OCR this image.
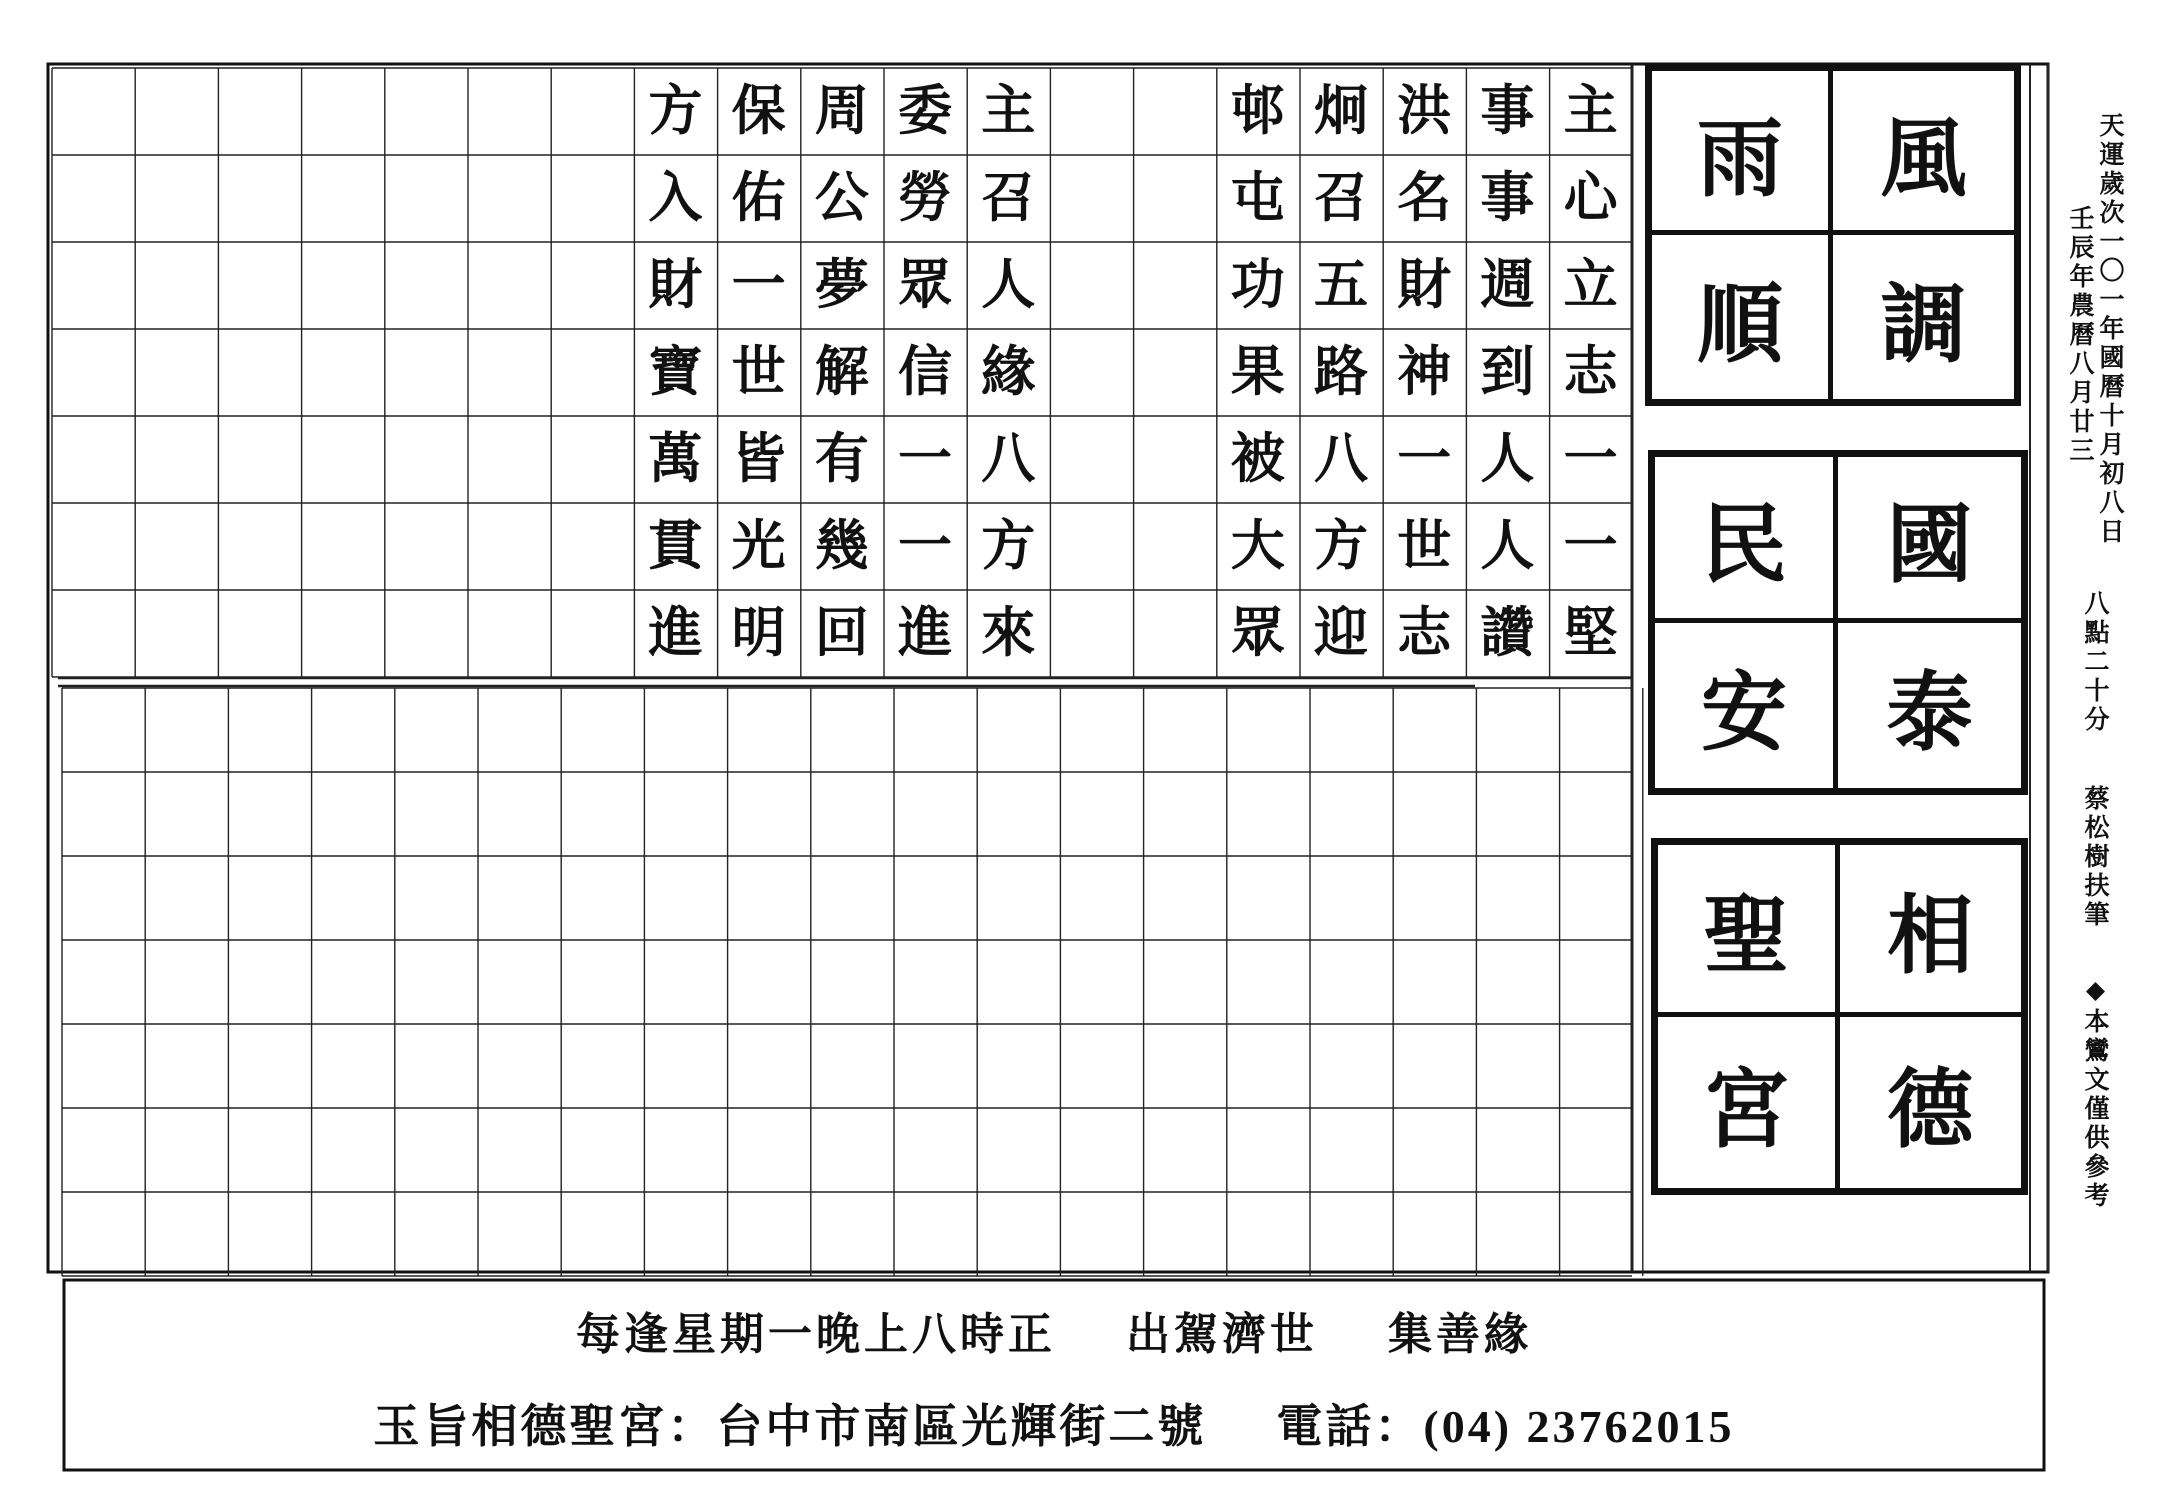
主
心
立
志
一
一
堅
事
事
週
到
人
人
讚
洪
名
財
神
一
世
志
炯
召
五
路
八
方
迎
邨
屯
功
果
被
大
眾
主
召
人
緣
八
方
來
委
勞
眾
信
一
一
進
周
公
夢
解
有
幾
回
保
佑
一
世
皆
光
明
方
入
財
寶
萬
貫
進
雨	風
順	調
民	國
安	泰
聖	相
宮	德
天運歲次一〇一年國曆十月初八日
壬辰年農曆八月廿三
八點二十分
蔡松樹扶筆
◆本鸞文僅供參考
每逢星期一晚上八時正 出駕濟世 集善緣
玉旨相德聖宮：台中市南區光輝街二號 電話：(04) 23762015
